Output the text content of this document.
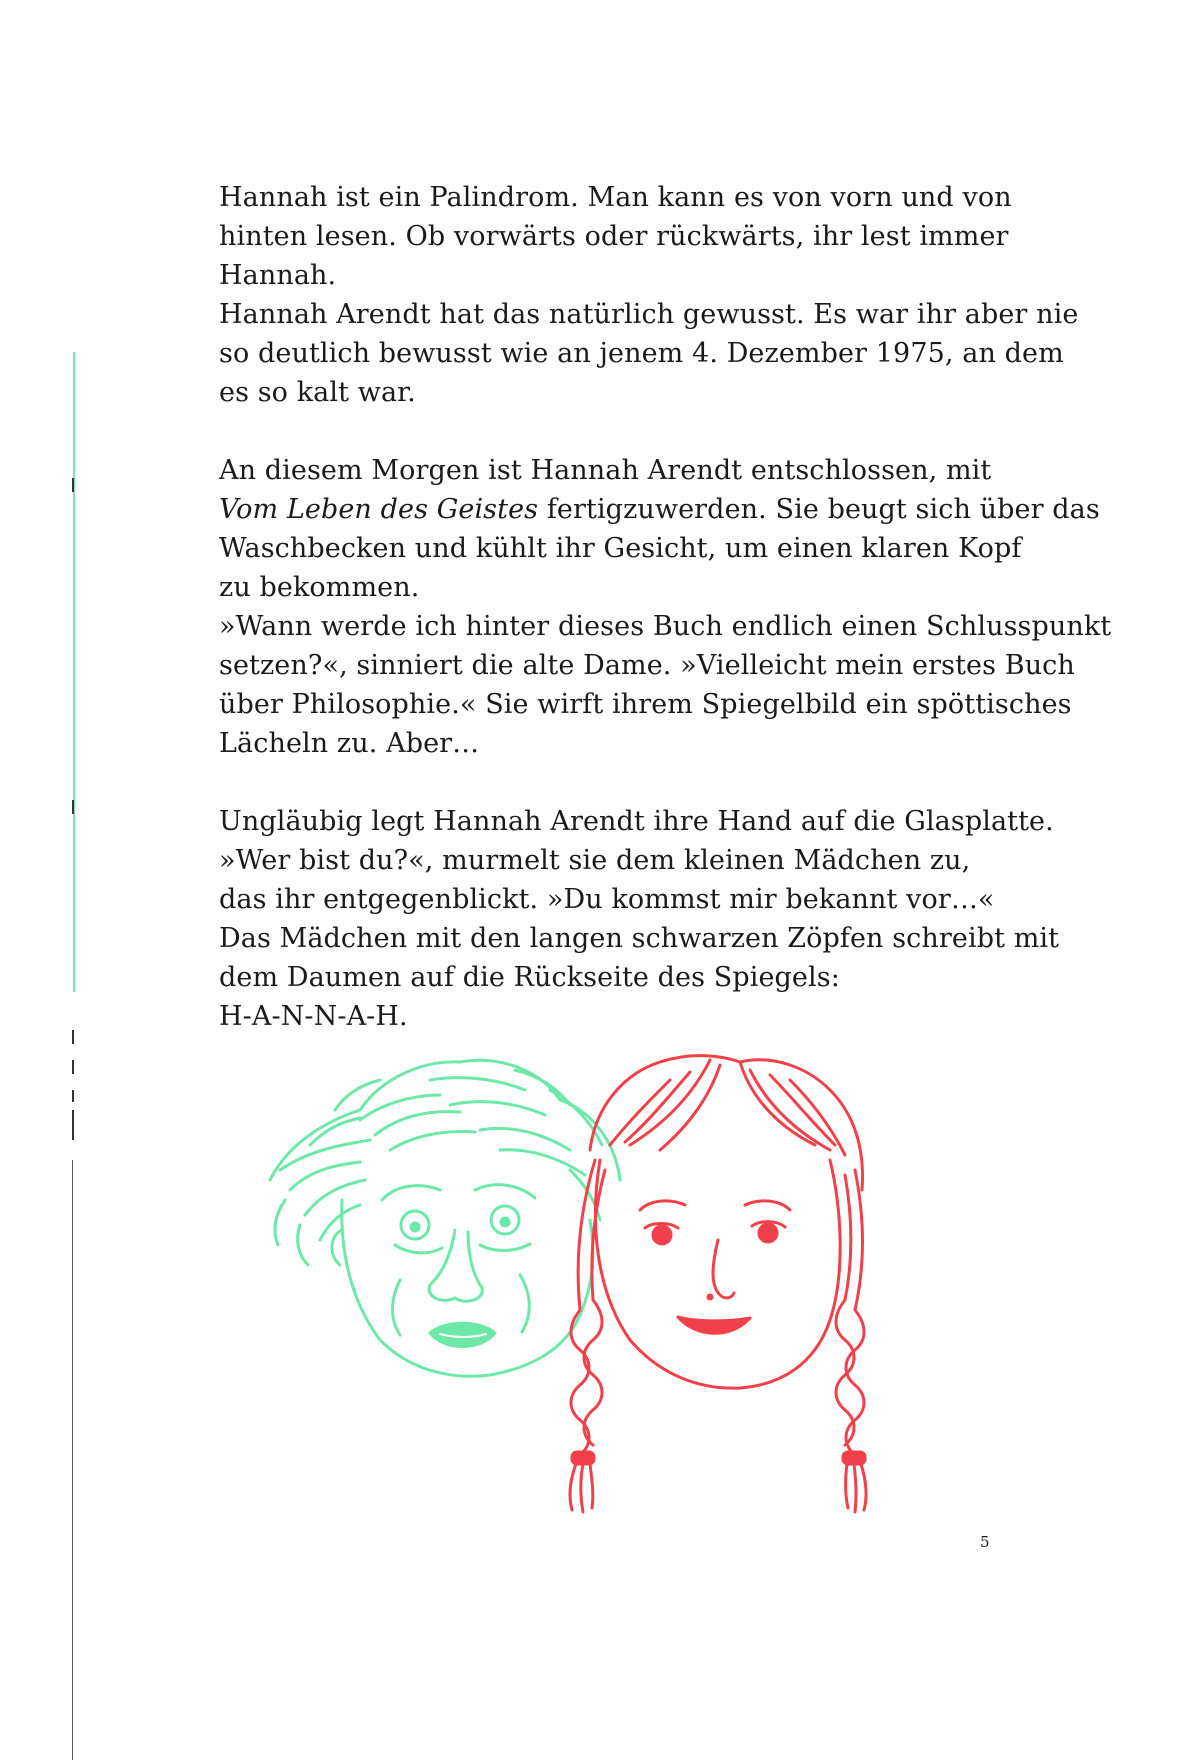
Hannah ist ein Palindrom. Man kann es von vorn und von
hinten lesen. Ob vorwärts oder rückwärts, ihr lest immer
Hannah.
Hannah Arendt hat das natürlich gewusst. Es war ihr aber nie
so deutlich bewusst wie an jenem 4. Dezember 1975, an dem
es so kalt war.
An diesem Morgen ist Hannah Arendt entschlossen, mit
Vom Leben des Geistes fertigzuwerden. Sie beugt sich über das
Waschbecken und kühlt ihr Gesicht, um einen klaren Kopf
zu bekommen.
»Wann werde ich hinter dieses Buch endlich einen Schlusspunkt
setzen?«, sinniert die alte Dame. »Vielleicht mein erstes Buch
über Philosophie.« Sie wirft ihrem Spiegelbild ein spöttisches
Lächeln zu. Aber…
Ungläubig legt Hannah Arendt ihre Hand auf die Glasplatte.
»Wer bist du?«, murmelt sie dem kleinen Mädchen zu,
das ihr entgegenblickt. »Du kommst mir bekannt vor…«
Das Mädchen mit den langen schwarzen Zöpfen schreibt mit
dem Daumen auf die Rückseite des Spiegels:
H-A-N-N-A-H.
5
